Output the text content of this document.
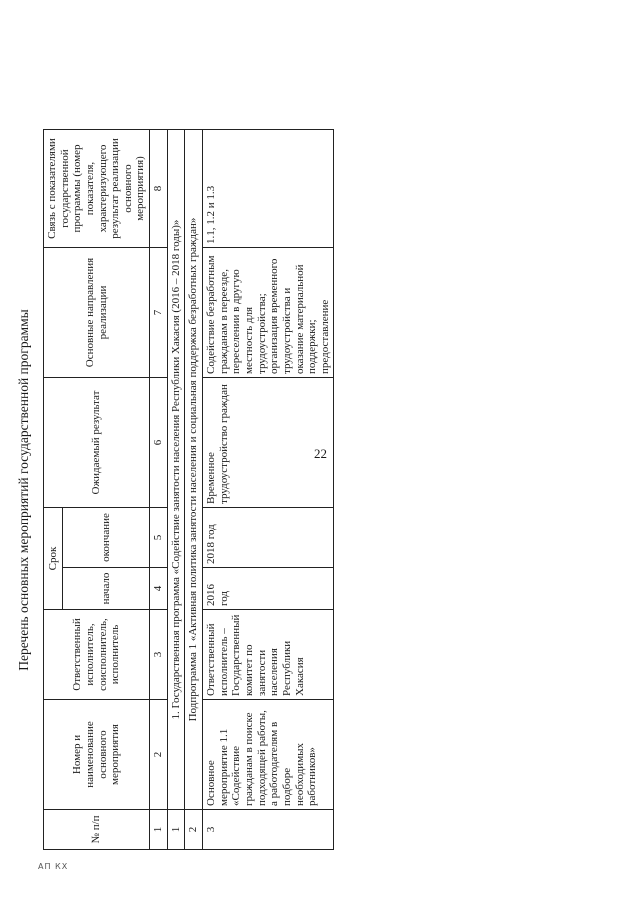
22
АП КХ
Перечень основных мероприятий государственной программы
№ п/п	Номер и наименование основного мероприятия	Ответственный исполнитель, соисполнитель, исполнитель	Срок		Ожидаемый результат	Основные направления реализации	Связь с показателями государственной программы (номер показателя, характеризующего результат реализации основного мероприятия)
			начало	окончание			
1	2	3	4	5	6	7	8
1	1. Государственная программа «Содействие занятости населения Республики Хакасия (2016 – 2018 годы)»						
2	Подпрограмма 1 «Активная политика занятости населения и социальная поддержка безработных граждан»						
3	Основное мероприятие 1.1 «Содействие гражданам в поиске подходящей работы, а работодателям в подборе необходимых работников»	Ответственный исполнитель – Государственный комитет по занятости населения Республики Хакасия	2016 год	2018 год	Временное трудоустройство граждан	Содействие безработным гражданам в переезде, переселении в другую местность для трудоустройства; организация временного трудоустройства и оказание материальной поддержки; предоставление	1.1, 1.2 и 1.3
